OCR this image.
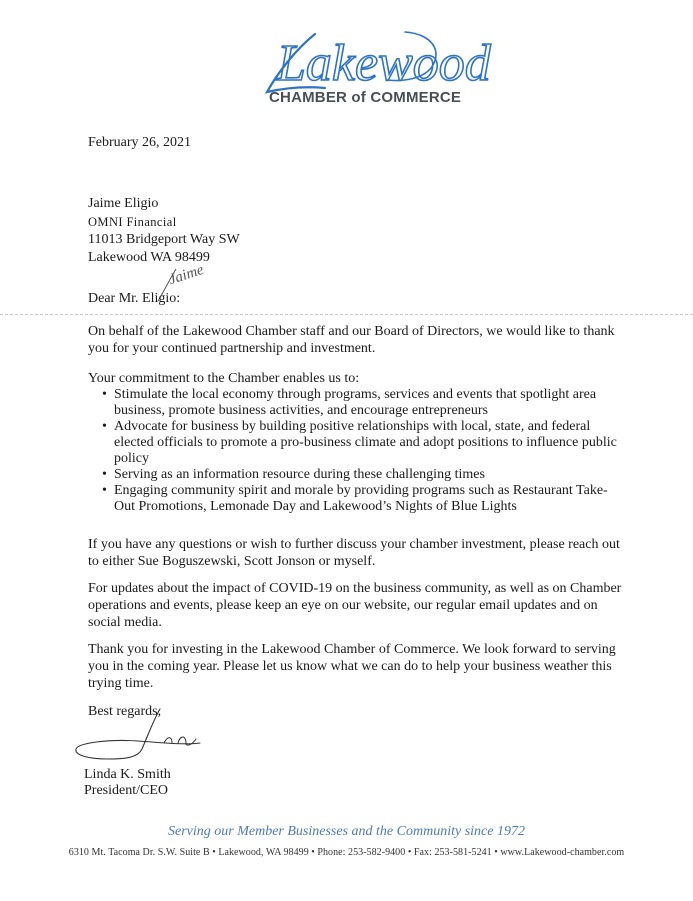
Lakewood
CHAMBER of COMMERCE
February 26, 2021
Jaime Eligio
OMNI Financial
11013 Bridgeport Way SW
Lakewood WA 98499
Jaime
Dear Mr. Eligio:
On behalf of the Lakewood Chamber staff and our Board of Directors, we would like to thank you for your continued partnership and investment.
Your commitment to the Chamber enables us to:
• Stimulate the local economy through programs, services and events that spotlight area business, promote business activities, and encourage entrepreneurs
• Advocate for business by building positive relationships with local, state, and federal elected officials to promote a pro-business climate and adopt positions to influence public policy
• Serving as an information resource during these challenging times
• Engaging community spirit and morale by providing programs such as Restaurant Take-Out Promotions, Lemonade Day and Lakewood’s Nights of Blue Lights
If you have any questions or wish to further discuss your chamber investment, please reach out to either Sue Boguszewski, Scott Jonson or myself.
For updates about the impact of COVID-19 on the business community, as well as on Chamber operations and events, please keep an eye on our website, our regular email updates and on social media.
Thank you for investing in the Lakewood Chamber of Commerce. We look forward to serving you in the coming year. Please let us know what we can do to help your business weather this trying time.
Best regards,
Linda K. Smith
President/CEO
Serving our Member Businesses and the Community since 1972
6310 Mt. Tacoma Dr. S.W. Suite B • Lakewood, WA 98499 • Phone: 253-582-9400 • Fax: 253-581-5241 • www.Lakewood-chamber.com
